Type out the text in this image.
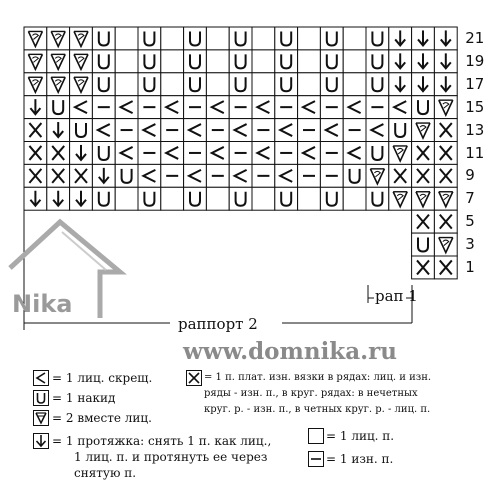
Nika	рап 1
раппорт 2
www.domnika.ru
= 1 лиц. скрещ.
= 1 накид
= 2 вместе лиц.
= 1 протяжка: снять 1 п. как лиц.,
1 лиц. п. и протянуть ее через
снятую п.
= 1 п. плат. изн. вязки в рядах: лиц. и изн.
ряды - изн. п., в круг. рядах: в нечетных
круг. р. - изн. п., в четных круг. р. - лиц. п.
= 1 лиц. п.
= 1 изн. п.
21
19
17
15
13
11
9
7
5
3
1
